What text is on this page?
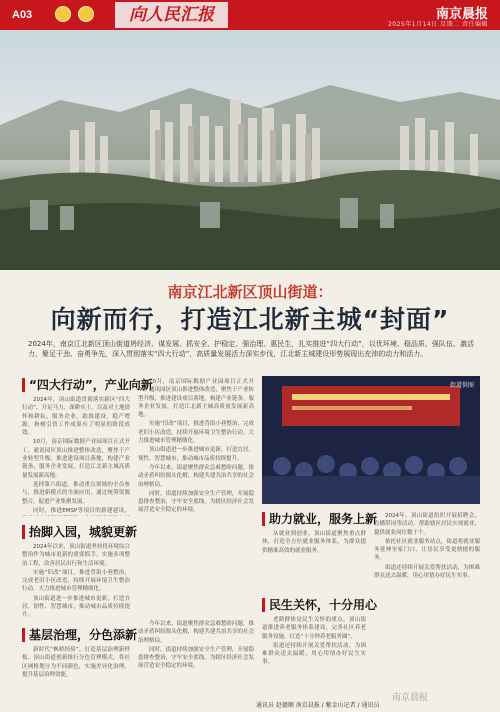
A03	向人民汇报	南京晨报
2025年1月14日 星期二 责任编辑
南京江北新区顶山街道：
向新而行，打造江北新主城“封面”
2024年，南京江北新区顶山街道坍经济、谋发展、抓安全、护稳定、强治理、惠民生，扎实推进“四大行动”，以优环境、稳品质、强队伍、激活力，聚足干劲、奋勇争先，深入贯彻落实“四大行动”，高质量发展活力深实步伐，江北新主城建设形势展现出充沛的动力和活力。
“四大行动”，产业向新

2024年，顶山街道贯彻落实新区“四大行动”，开足马力、深耕实土，以及对土地情怀和耕耘，服务企业，助推建设，稳产增源，指树引资工作成果有了明显的阶段成效。

10月，南京国际数据产业园项目正式开工。通讯园区顶山推进整体改造，聚焦于产业转型升级，推进建设项目落地，构建产业链条，服务企业发展，打造江北新主城高质量发展新高地。

选择第六街道，推动重点领域的全员参与，推进新模式的全面应用，通过统筹资源整合，促进产业集聚发展。

同时，推进EMSP等项目的新建建设，

抬脚入园，城貌更新

2024年以来，顶山街道坚持将环境综合整治作为城市更新的重要抓手，实施多项整治工程，改善居民出行和生活环境。

实施“旧改”项目，推进背街小巷整治，完成老旧小区改造，持续开展环境卫生整治行动，大力推进城市管理精细化。

顶山街道进一步推进城市更新，打造宜居、韧性、智慧城市，推动城市品质持续提升。

基层治理，分色添新

新时代“枫桥经验”，打造基层治理新样板。顶山街道创新推行分色管理模式，将社区网格划分为不同颜色，实施差异化治理，提升基层治理效能。

10月，南京国际数据产业园项目正式开工。通讯园区顶山推进整体改造，聚焦于产业转型升级，推进建设项目落地，构建产业链条，服务企业发展，打造江北新主城高质量发展新高地。

实施“旧改”项目，推进背街小巷整治，完成老旧小区改造，持续开展环境卫生整治行动，大力推进城市管理精细化。

顶山街道进一步推进城市更新，打造宜居、韧性、智慧城市，推动城市品质持续提升。

今年以来，街道聚焦群众急难愁盼问题，推动矛盾纠纷源头化解，构建共建共治共享的社会治理格局。

同时，街道持续加强安全生产管理，开展隐患排查整治，守牢安全底线，为辖区经济社会发展营造安全稳定的环境。

今年以来，街道聚焦群众急难愁盼问题，推动矛盾纠纷源头化解，构建共建共治共享的社会治理格局。

同时，街道持续加强安全生产管理，开展隐患排查整治，守牢安全底线，为辖区经济社会发展营造安全稳定的环境。

街道供图
助力就业，服务上新

从就业到创业，顶山街道聚焦重点群体，打造全方位就业服务体系，为群众提供精准高效的就业服务。

民生关怀，十分用心

老龄群体是民生关怀的重点。顶山街道推进养老服务体系建设，完善社区养老服务设施，打造“十分钟养老服务圈”。

街道还持续开展关爱帮扶活动，为困难群众送去温暖，用心用情办好民生实事。

2024年，顶山街道组织开展招聘会、直播带岗等活动，帮助辖区居民实现就业，提供就业岗位数千个。

依托社区就业服务站点，街道将就业服务延伸至家门口，让居民享受更便捷的服务。

街道还持续开展关爱帮扶活动，为困难群众送去温暖，用心用情办好民生实事。

通讯员 赵德顺 南京晨报 / 紫金山记者 / 通讯员
南京晨报
